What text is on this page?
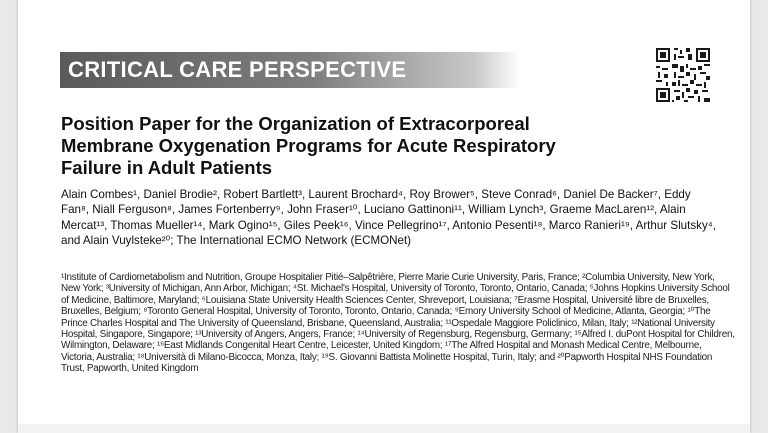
CRITICAL CARE PERSPECTIVE
Position Paper for the Organization of Extracorporeal Membrane Oxygenation Programs for Acute Respiratory Failure in Adult Patients
Alain Combes¹, Daniel Brodie², Robert Bartlett³, Laurent Brochard⁴, Roy Brower⁵, Steve Conrad⁶, Daniel De Backer⁷, Eddy Fan⁸, Niall Ferguson⁸, James Fortenberry⁹, John Fraser¹⁰, Luciano Gattinoni¹¹, William Lynch³, Graeme MacLaren¹², Alain Mercat¹³, Thomas Mueller¹⁴, Mark Ogino¹⁵, Giles Peek¹⁶, Vince Pellegrino¹⁷, Antonio Pesenti¹⁸, Marco Ranieri¹⁹, Arthur Slutsky⁴, and Alain Vuylsteke²⁰; The International ECMO Network (ECMONet)
¹Institute of Cardiometabolism and Nutrition, Groupe Hospitalier Pitié–Salpêtrière, Pierre Marie Curie University, Paris, France; ²Columbia University, New York, New York; ³University of Michigan, Ann Arbor, Michigan; ⁴St. Michael's Hospital, University of Toronto, Toronto, Ontario, Canada; ⁵Johns Hopkins University School of Medicine, Baltimore, Maryland; ⁶Louisiana State University Health Sciences Center, Shreveport, Louisiana; ⁷Erasme Hospital, Université libre de Bruxelles, Bruxelles, Belgium; ⁸Toronto General Hospital, University of Toronto, Toronto, Ontario, Canada; ⁹Emory University School of Medicine, Atlanta, Georgia; ¹⁰The Prince Charles Hospital and The University of Queensland, Brisbane, Queensland, Australia; ¹¹Ospedale Maggiore Policlinico, Milan, Italy; ¹²National University Hospital, Singapore, Singapore; ¹³University of Angers, Angers, France; ¹⁴University of Regensburg, Regensburg, Germany; ¹⁵Alfred I. duPont Hospital for Children, Wilmington, Delaware; ¹⁶East Midlands Congenital Heart Centre, Leicester, United Kingdom; ¹⁷The Alfred Hospital and Monash Medical Centre, Melbourne, Victoria, Australia; ¹⁸Università di Milano-Bicocca, Monza, Italy; ¹⁹S. Giovanni Battista Molinette Hospital, Turin, Italy; and ²⁰Papworth Hospital NHS Foundation Trust, Papworth, United Kingdom
